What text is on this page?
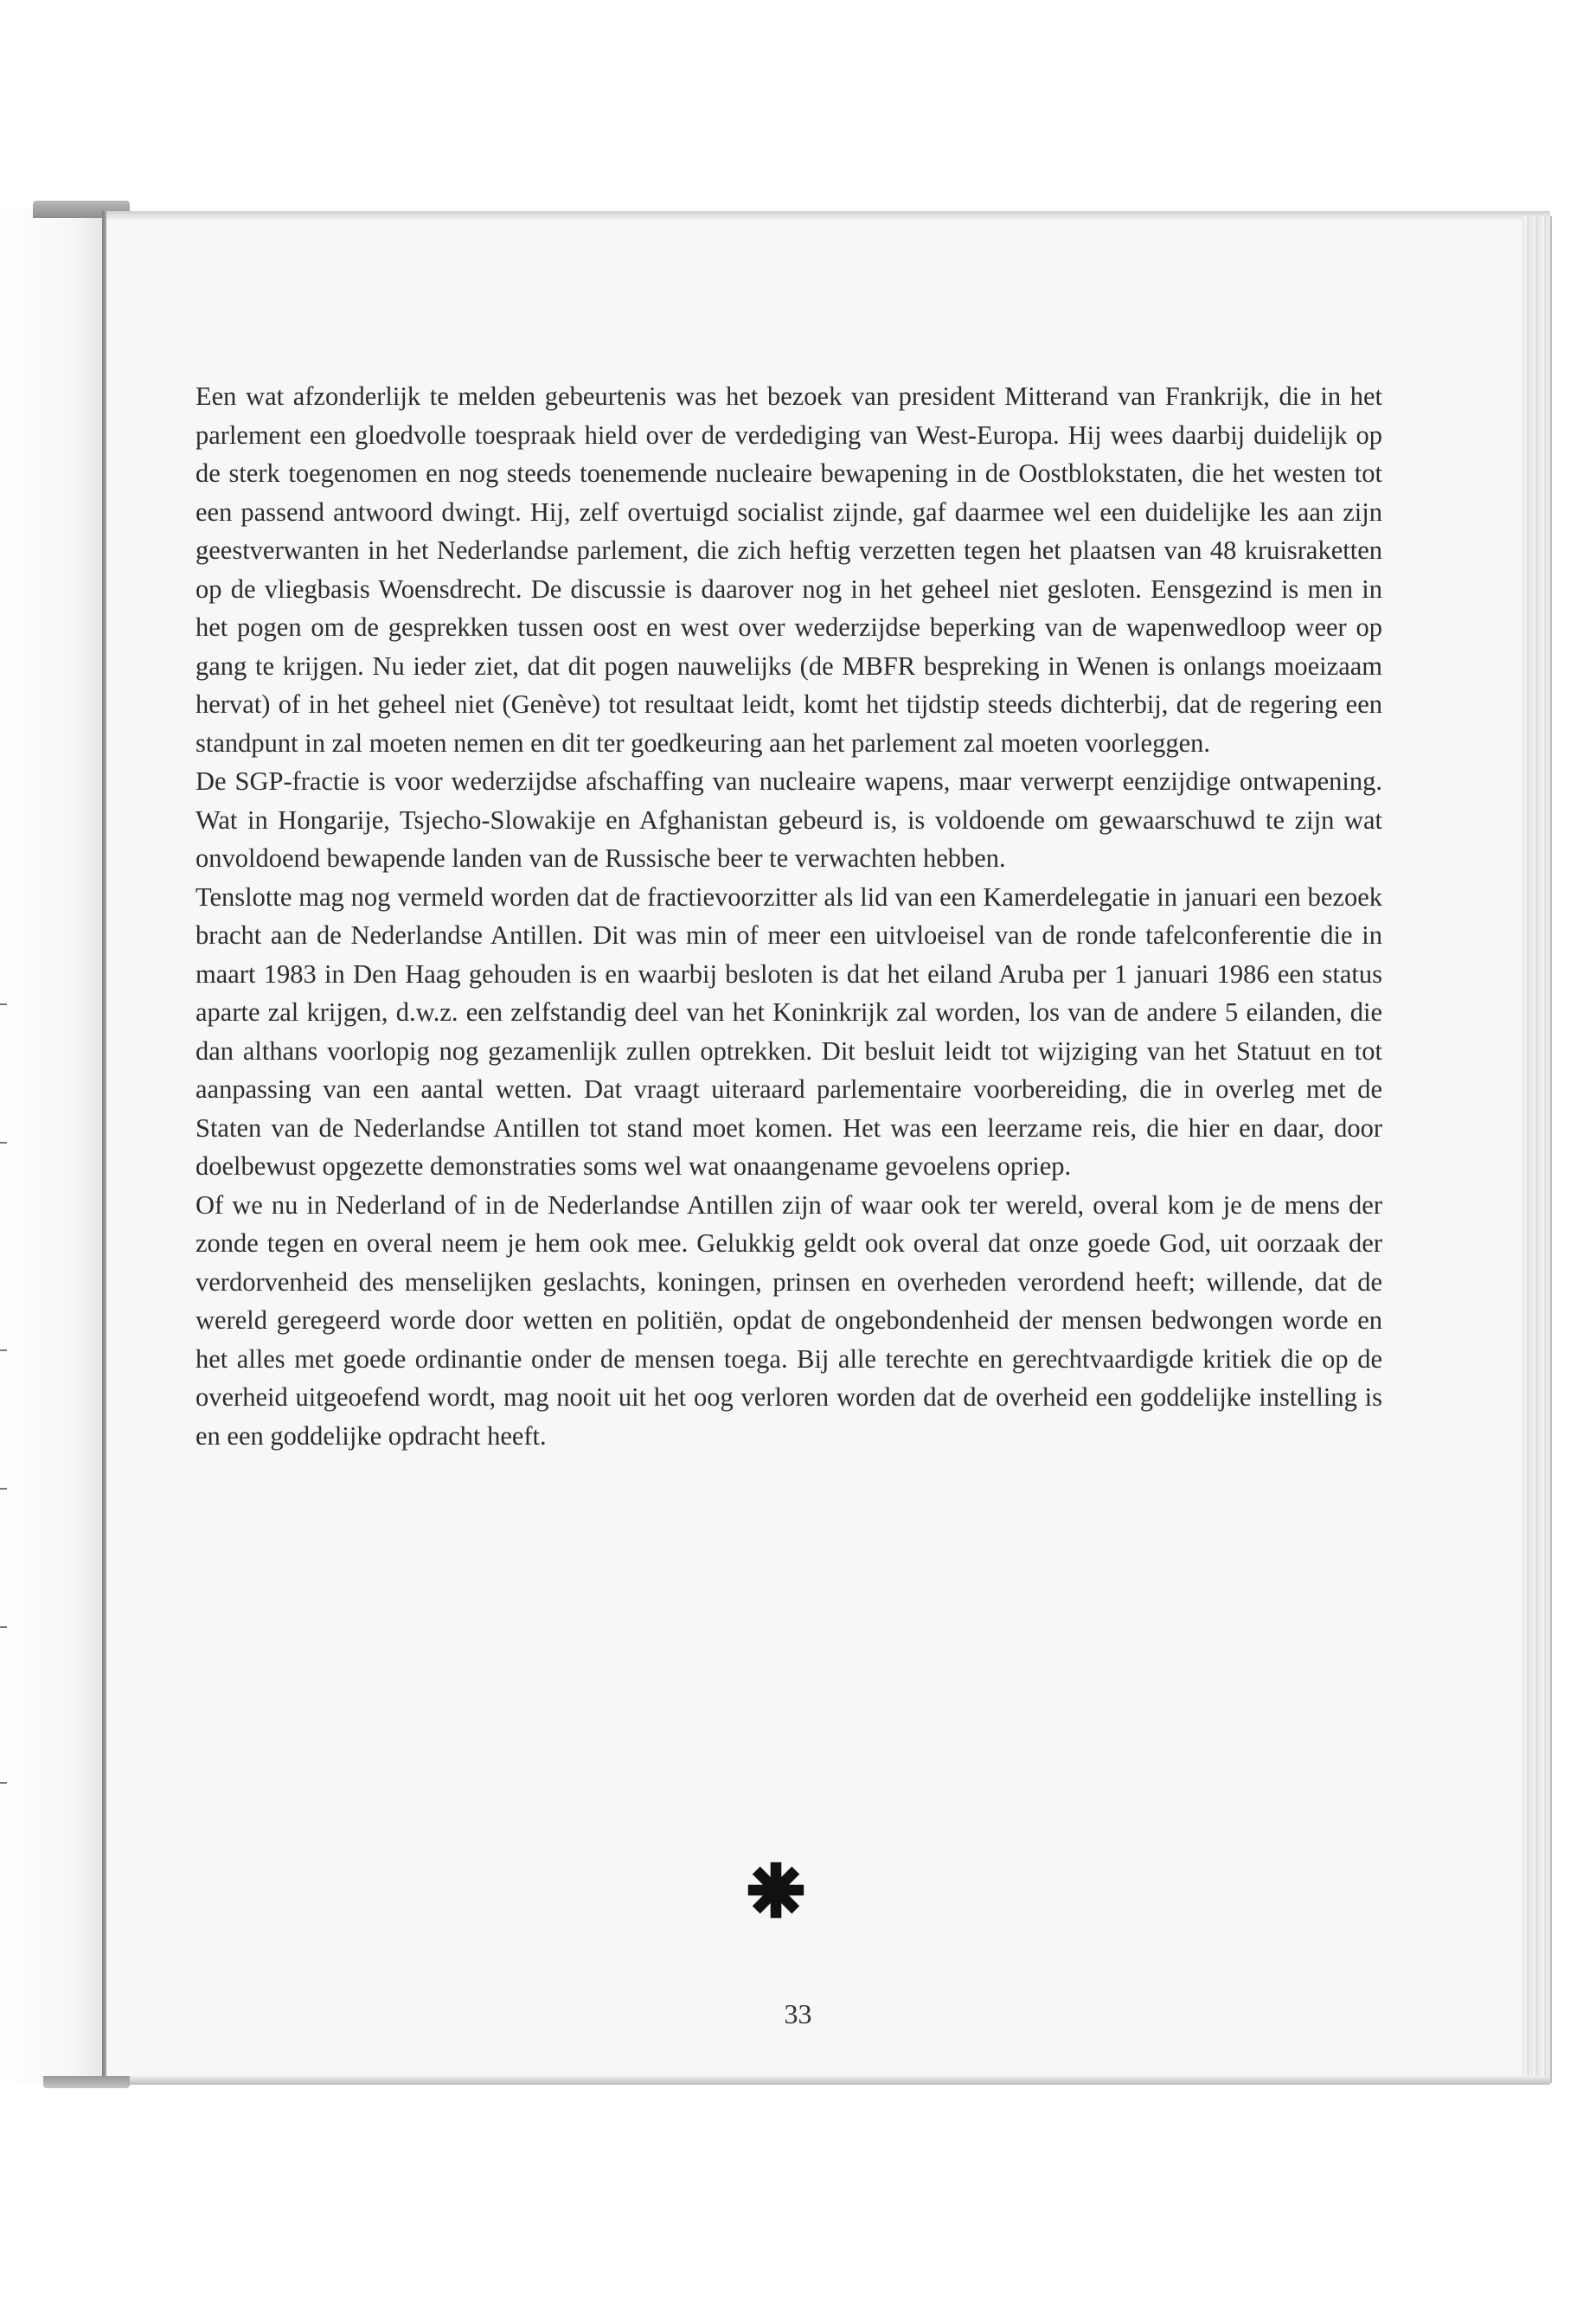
Een wat afzonderlijk te melden gebeurtenis was het bezoek van president Mitterand van Frankrijk, die in het parlement een gloedvolle toespraak hield over de verdediging van West-Europa. Hij wees daarbij duidelijk op de sterk toegenomen en nog steeds toenemende nucleaire bewapening in de Oostblokstaten, die het westen tot een passend antwoord dwingt. Hij, zelf overtuigd socialist zijnde, gaf daarmee wel een duidelijke les aan zijn geestverwanten in het Nederlandse parlement, die zich heftig verzetten tegen het plaatsen van 48 kruisraketten op de vliegbasis Woensdrecht. De discussie is daarover nog in het geheel niet gesloten. Eensgezind is men in het pogen om de gesprekken tussen oost en west over wederzijdse beperking van de wapenwedloop weer op gang te krijgen. Nu ieder ziet, dat dit pogen nauwelijks (de MBFR bespreking in Wenen is onlangs moeizaam hervat) of in het geheel niet (Genève) tot resultaat leidt, komt het tijdstip steeds dichterbij, dat de regering een standpunt in zal moeten nemen en dit ter goedkeuring aan het parlement zal moeten voorleggen.

De SGP-fractie is voor wederzijdse afschaffing van nucleaire wapens, maar verwerpt eenzijdige ontwapening. Wat in Hongarije, Tsjecho-Slowakije en Afghanistan gebeurd is, is voldoende om gewaarschuwd te zijn wat onvoldoend bewapende landen van de Russische beer te verwachten hebben.

Tenslotte mag nog vermeld worden dat de fractievoorzitter als lid van een Kamerdelegatie in januari een bezoek bracht aan de Nederlandse Antillen. Dit was min of meer een uitvloeisel van de ronde tafelconferentie die in maart 1983 in Den Haag gehouden is en waarbij besloten is dat het eiland Aruba per 1 januari 1986 een status aparte zal krijgen, d.w.z. een zelfstandig deel van het Koninkrijk zal worden, los van de andere 5 eilanden, die dan althans voorlopig nog gezamenlijk zullen optrekken. Dit besluit leidt tot wijziging van het Statuut en tot aanpassing van een aantal wetten. Dat vraagt uiteraard parlementaire voorbereiding, die in overleg met de Staten van de Nederlandse Antillen tot stand moet komen. Het was een leerzame reis, die hier en daar, door doelbewust opgezette demonstraties soms wel wat onaangename gevoelens opriep.

Of we nu in Nederland of in de Nederlandse Antillen zijn of waar ook ter wereld, overal kom je de mens der zonde tegen en overal neem je hem ook mee. Gelukkig geldt ook overal dat onze goede God, uit oorzaak der verdorvenheid des menselijken geslachts, koningen, prinsen en overheden verordend heeft; willende, dat de wereld geregeerd worde door wetten en politiën, opdat de ongebondenheid der mensen bedwongen worde en het alles met goede ordinantie onder de mensen toega. Bij alle terechte en gerechtvaardigde kritiek die op de overheid uitgeoefend wordt, mag nooit uit het oog verloren worden dat de overheid een goddelijke instelling is en een goddelijke opdracht heeft.

33
